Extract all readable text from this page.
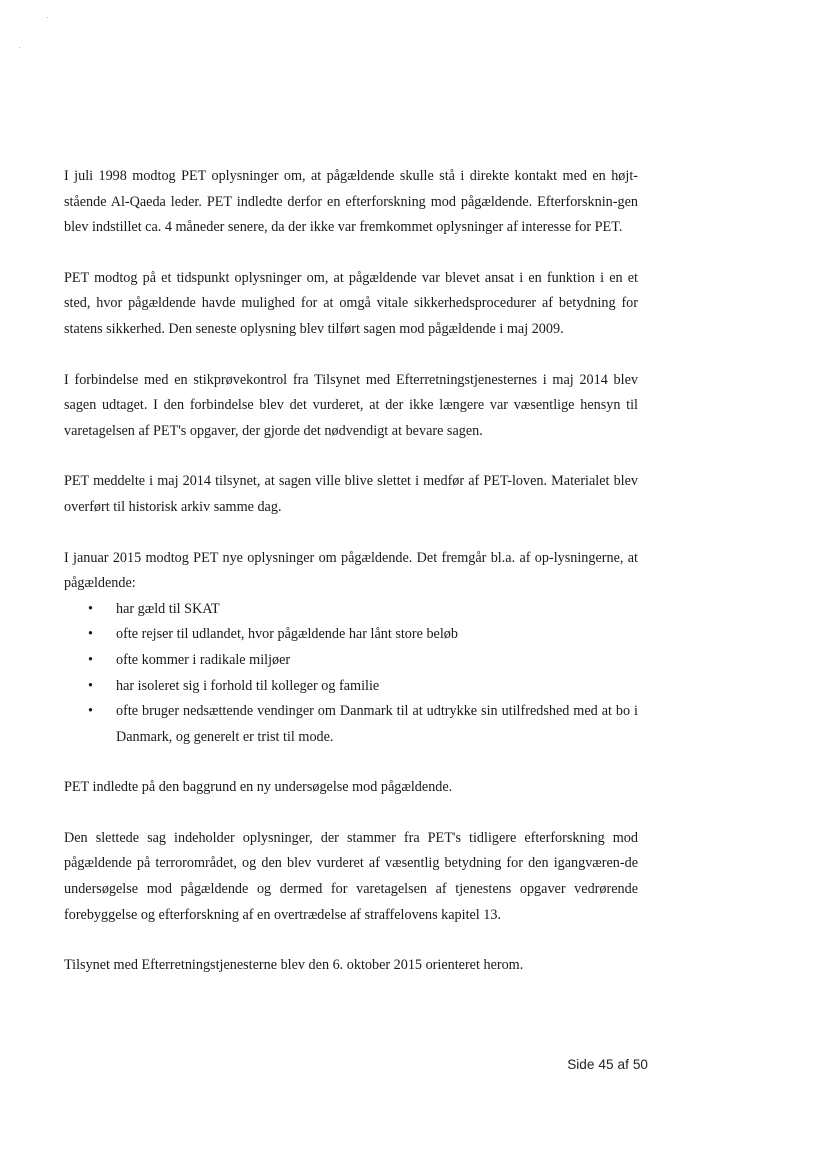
I juli 1998 modtog PET oplysninger om, at pågældende skulle stå i direkte kontakt med en højt-stående Al-Qaeda leder. PET indledte derfor en efterforskning mod pågældende. Efterforsknin-gen blev indstillet ca. 4 måneder senere, da der ikke var fremkommet oplysninger af interesse for PET.

PET modtog på et tidspunkt oplysninger om, at pågældende var blevet ansat i en funktion i en et sted, hvor pågældende havde mulighed for at omgå vitale sikkerhedsprocedurer af betydning for statens sikkerhed. Den seneste oplysning blev tilført sagen mod pågældende i maj 2009.

I forbindelse med en stikprøvekontrol fra Tilsynet med Efterretningstjenesternes i maj 2014 blev sagen udtaget. I den forbindelse blev det vurderet, at der ikke længere var væsentlige hensyn til varetagelsen af PET's opgaver, der gjorde det nødvendigt at bevare sagen.

PET meddelte i maj 2014 tilsynet, at sagen ville blive slettet i medfør af PET-loven. Materialet blev overført til historisk arkiv samme dag.

I januar 2015 modtog PET nye oplysninger om pågældende. Det fremgår bl.a. af op-lysningerne, at pågældende:

• har gæld til SKAT
• ofte rejser til udlandet, hvor pågældende har lånt store beløb
• ofte kommer i radikale miljøer
• har isoleret sig i forhold til kolleger og familie
• ofte bruger nedsættende vendinger om Danmark til at udtrykke sin utilfredshed med at bo i Danmark, og generelt er trist til mode.

PET indledte på den baggrund en ny undersøgelse mod pågældende.

Den slettede sag indeholder oplysninger, der stammer fra PET's tidligere efterforskning mod pågældende på terrorområdet, og den blev vurderet af væsentlig betydning for den igangværen-de undersøgelse mod pågældende og dermed for varetagelsen af tjenestens opgaver vedrørende forebyggelse og efterforskning af en overtrædelse af straffelovens kapitel 13.

Tilsynet med Efterretningstjenesterne blev den 6. oktober 2015 orienteret herom.

Side 45 af 50
